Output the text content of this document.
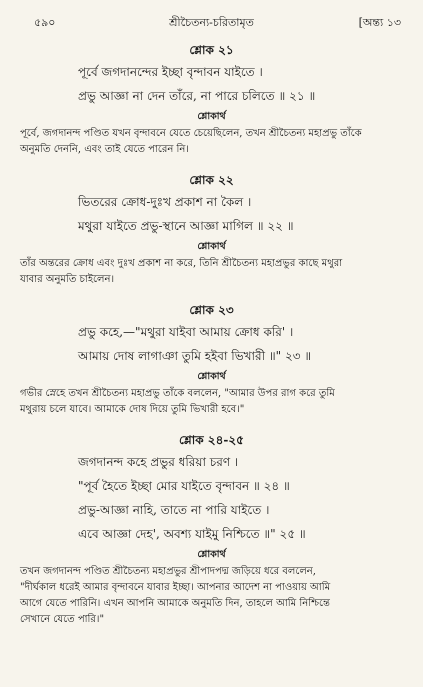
৫৯০	শ্রীচৈতন্য-চরিতামৃত	[অন্ত্য ১৩

শ্লোক ২১

পূর্বে জগদানন্দের ইচ্ছা বৃন্দাবন যাইতে ।

প্রভু আজ্ঞা না দেন তাঁরে, না পারে চলিতে ॥ ২১ ॥

শ্লোকার্থ

পূর্বে, জগদানন্দ পণ্ডিত যখন বৃন্দাবনে যেতে চেয়েছিলেন, তখন শ্রীচৈতন্য মহাপ্রভু তাঁকে

অনুমতি দেননি, এবং তাই যেতে পারেন নি।

শ্লোক ২২

ভিতরের ক্রোধ-দুঃখ প্রকাশ না কৈল ।

মথুরা যাইতে প্রভু-স্থানে আজ্ঞা মাগিল ॥ ২২ ॥

শ্লোকার্থ

তাঁর অন্তরের ক্রোধ এবং দুঃখ প্রকাশ না করে, তিনি শ্রীচৈতন্য মহাপ্রভুর কাছে মথুরা

যাবার অনুমতি চাইলেন।

শ্লোক ২৩

প্রভু কহে,—"মথুরা যাইবা আমায় ক্রোধ করি' ।

আমায় দোষ লাগাঞা তুমি হইবা ভিখারী ॥" ২৩ ॥

শ্লোকার্থ

গভীর স্নেহে তখন শ্রীচৈতন্য মহাপ্রভু তাঁকে বললেন, "আমার উপর রাগ করে তুমি

মথুরায় চলে যাবে। আমাকে দোষ দিয়ে তুমি ভিখারী হবে।"

শ্লোক ২৪-২৫

জগদানন্দ কহে প্রভুর ধরিয়া চরণ ।

"পূর্ব হৈতে ইচ্ছা মোর যাইতে বৃন্দাবন ॥ ২৪ ॥

প্রভু-আজ্ঞা নাহি, তাতে না পারি যাইতে ।

এবে আজ্ঞা দেহ', অবশ্য যাইমু নিশ্চিতে ॥" ২৫ ॥

শ্লোকার্থ

তখন জগদানন্দ পণ্ডিত শ্রীচৈতন্য মহাপ্রভুর শ্রীপাদপদ্ম জড়িয়ে ধরে বললেন,

"দীর্ঘকাল ধরেই আমার বৃন্দাবনে যাবার ইচ্ছা। আপনার আদেশ না পাওয়ায় আমি

আগে যেতে পারিনি। এখন আপনি আমাকে অনুমতি দিন, তাহলে আমি নিশ্চিন্তে

সেখানে যেতে পারি।"
